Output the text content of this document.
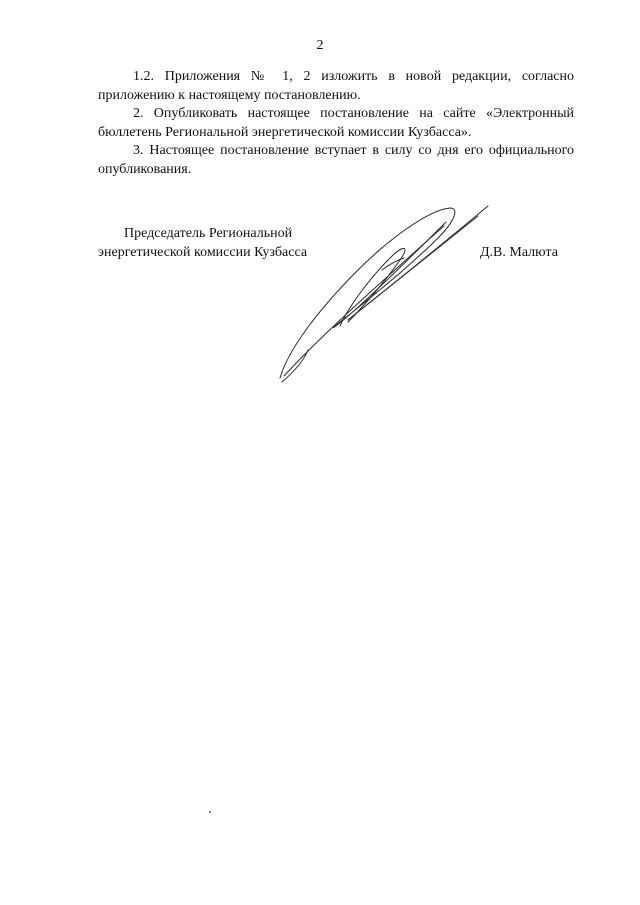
2

1.2. Приложения № 1, 2 изложить в новой редакции, согласно приложению к настоящему постановлению.

2. Опубликовать настоящее постановление на сайте «Электронный бюллетень Региональной энергетической комиссии Кузбасса».

3. Настоящее постановление вступает в силу со дня его официального опубликования.

Председатель Региональной
энергетической комиссии Кузбасса	Д.В. Малюта
